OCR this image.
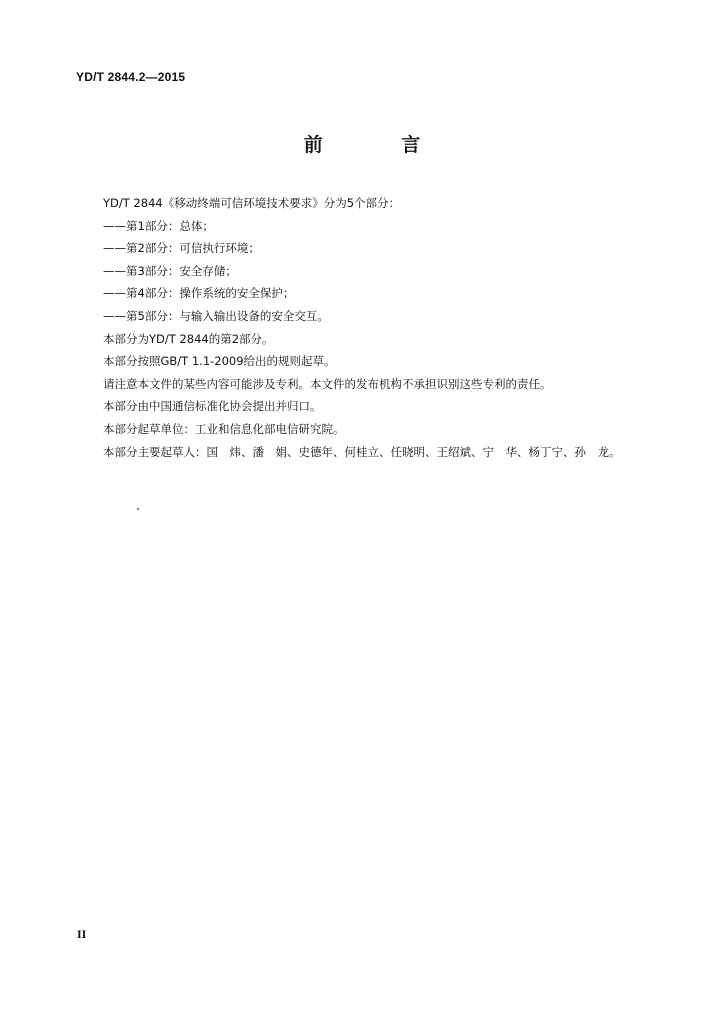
YD/T 2844.2—2015
前 言
YD/T 2844《移动终端可信环境技术要求》分为5个部分：
——第1部分：总体；
——第2部分：可信执行环境；
——第3部分：安全存储；
——第4部分：操作系统的安全保护；
——第5部分：与输入输出设备的安全交互。
本部分为YD/T 2844的第2部分。
本部分按照GB/T 1.1-2009给出的规则起草。
请注意本文件的某些内容可能涉及专利。本文件的发布机构不承担识别这些专利的责任。
本部分由中国通信标准化协会提出并归口。
本部分起草单位：工业和信息化部电信研究院。
本部分主要起草人：国　炜、潘　娟、史德年、何桂立、任晓明、王绍斌、宁　华、杨丁宁、孙　龙。
II
